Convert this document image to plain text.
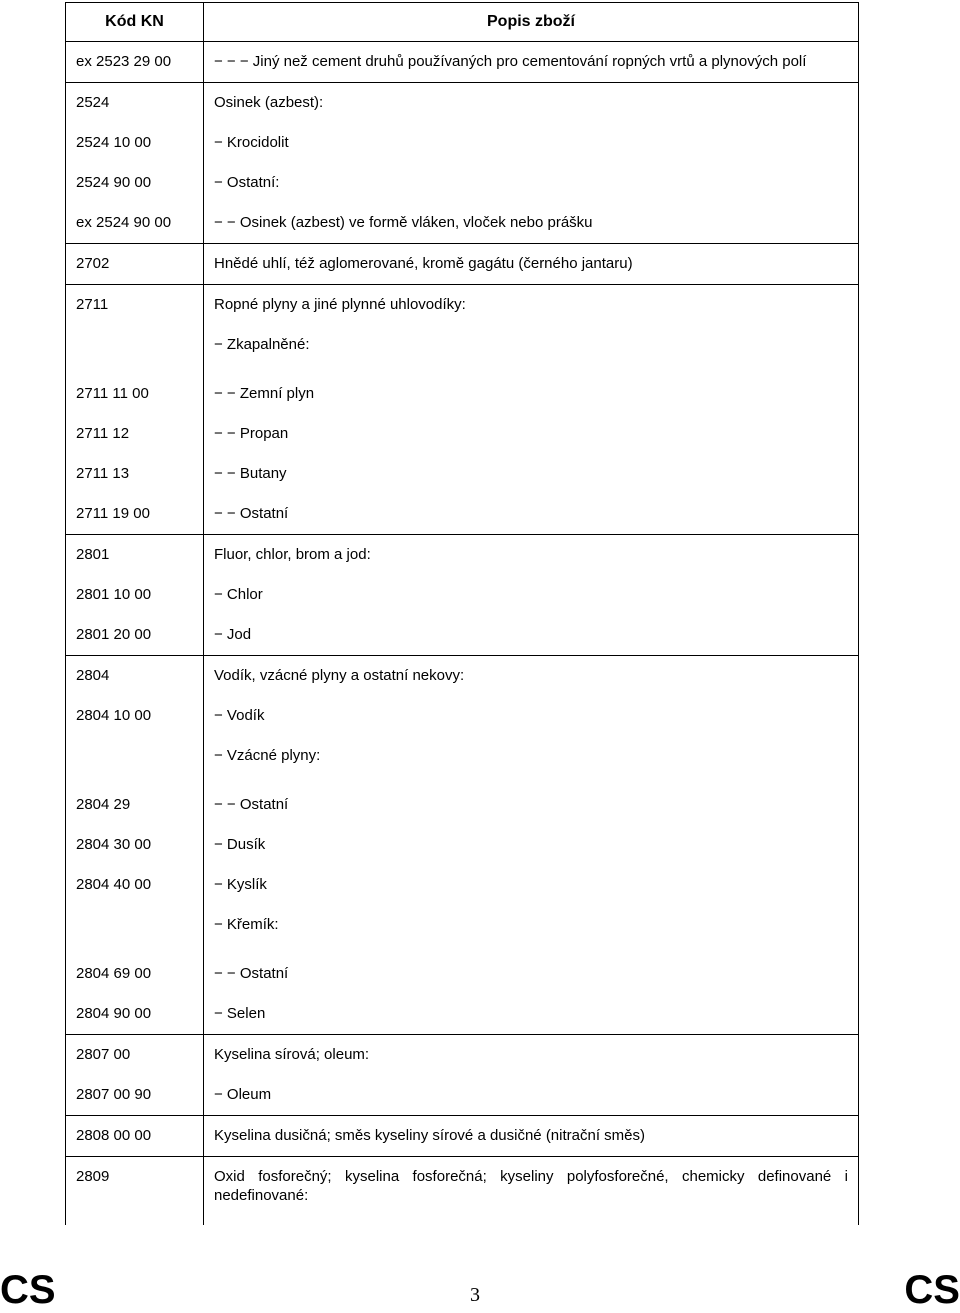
Kód KN	Popis zboží
ex 2523 29 00	− − − Jiný než cement druhů používaných pro cementování ropných vrtů a plynových polí
2524	Osinek (azbest):
2524 10 00	− Krocidolit
2524 90 00	− Ostatní:
ex 2524 90 00	− − Osinek (azbest) ve formě vláken, vloček nebo prášku
2702	Hnědé uhlí, též aglomerované, kromě gagátu (černého jantaru)
2711	Ropné plyny a jiné plynné uhlovodíky:
	− Zkapalněné:
2711 11 00	− − Zemní plyn
2711 12	− − Propan
2711 13	− − Butany
2711 19 00	− − Ostatní
2801	Fluor, chlor, brom a jod:
2801 10 00	− Chlor
2801 20 00	− Jod
2804	Vodík, vzácné plyny a ostatní nekovy:
2804 10 00	− Vodík
	− Vzácné plyny:
2804 29	− − Ostatní
2804 30 00	− Dusík
2804 40 00	− Kyslík
	− Křemík:
2804 69 00	− − Ostatní
2804 90 00	− Selen
2807 00	Kyselina sírová; oleum:
2807 00 90	− Oleum
2808 00 00	Kyselina dusičná; směs kyseliny sírové a dusičné (nitrační směs)
2809	Oxid fosforečný; kyselina fosforečná; kyseliny polyfosforečné, chemicky definované i nedefinované:
CS	3	CS
